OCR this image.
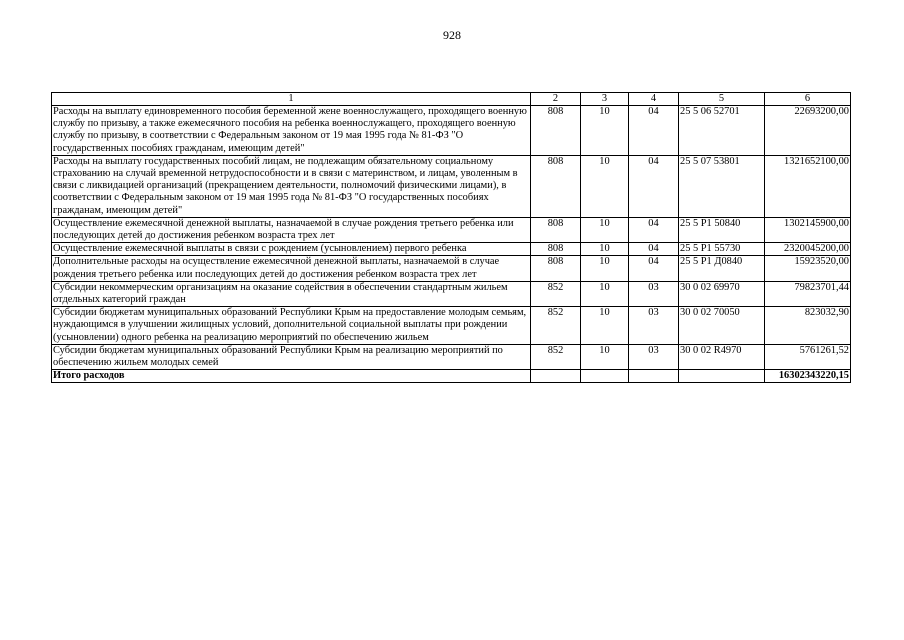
928
1	2	3	4	5	6
Расходы на выплату единовременного пособия беременной жене военнослужащего, проходящего военную службу по призыву, а также ежемесячного пособия на ребенка военнослужащего, проходящего военную службу по призыву, в соответствии с Федеральным законом от 19 мая 1995 года № 81-ФЗ "О государственных пособиях гражданам, имеющим детей"	808	10	04	25 5 06 52701	22693200,00
Расходы на выплату государственных пособий лицам, не подлежащим обязательному социальному страхованию на случай временной нетрудоспособности и в связи с материнством, и лицам, уволенным в связи с ликвидацией организаций (прекращением деятельности, полномочий физическими лицами), в соответствии с Федеральным законом от 19 мая 1995 года № 81-ФЗ "О государственных пособиях гражданам, имеющим детей"	808	10	04	25 5 07 53801	1321652100,00
Осуществление ежемесячной денежной выплаты, назначаемой в случае рождения третьего ребенка или последующих детей до достижения ребенком возраста трех лет	808	10	04	25 5 P1 50840	1302145900,00
Осуществление ежемесячной выплаты в связи с рождением (усыновлением) первого ребенка	808	10	04	25 5 P1 55730	2320045200,00
Дополнительные расходы на осуществление ежемесячной денежной выплаты, назначаемой в случае рождения третьего ребенка или последующих детей до достижения ребенком возраста трех лет	808	10	04	25 5 P1 Д0840	15923520,00
Субсидии некоммерческим организациям на оказание содействия в обеспечении стандартным жильем отдельных категорий граждан	852	10	03	30 0 02 69970	79823701,44
Субсидии бюджетам муниципальных образований Республики Крым на предоставление молодым семьям, нуждающимся в улучшении жилищных условий, дополнительной социальной выплаты при рождении (усыновлении) одного ребенка на реализацию мероприятий по обеспечению жильем	852	10	03	30 0 02 70050	823032,90
Субсидии бюджетам муниципальных образований Республики Крым на реализацию мероприятий по обеспечению жильем молодых семей	852	10	03	30 0 02 R4970	5761261,52
Итого расходов					16302343220,15
